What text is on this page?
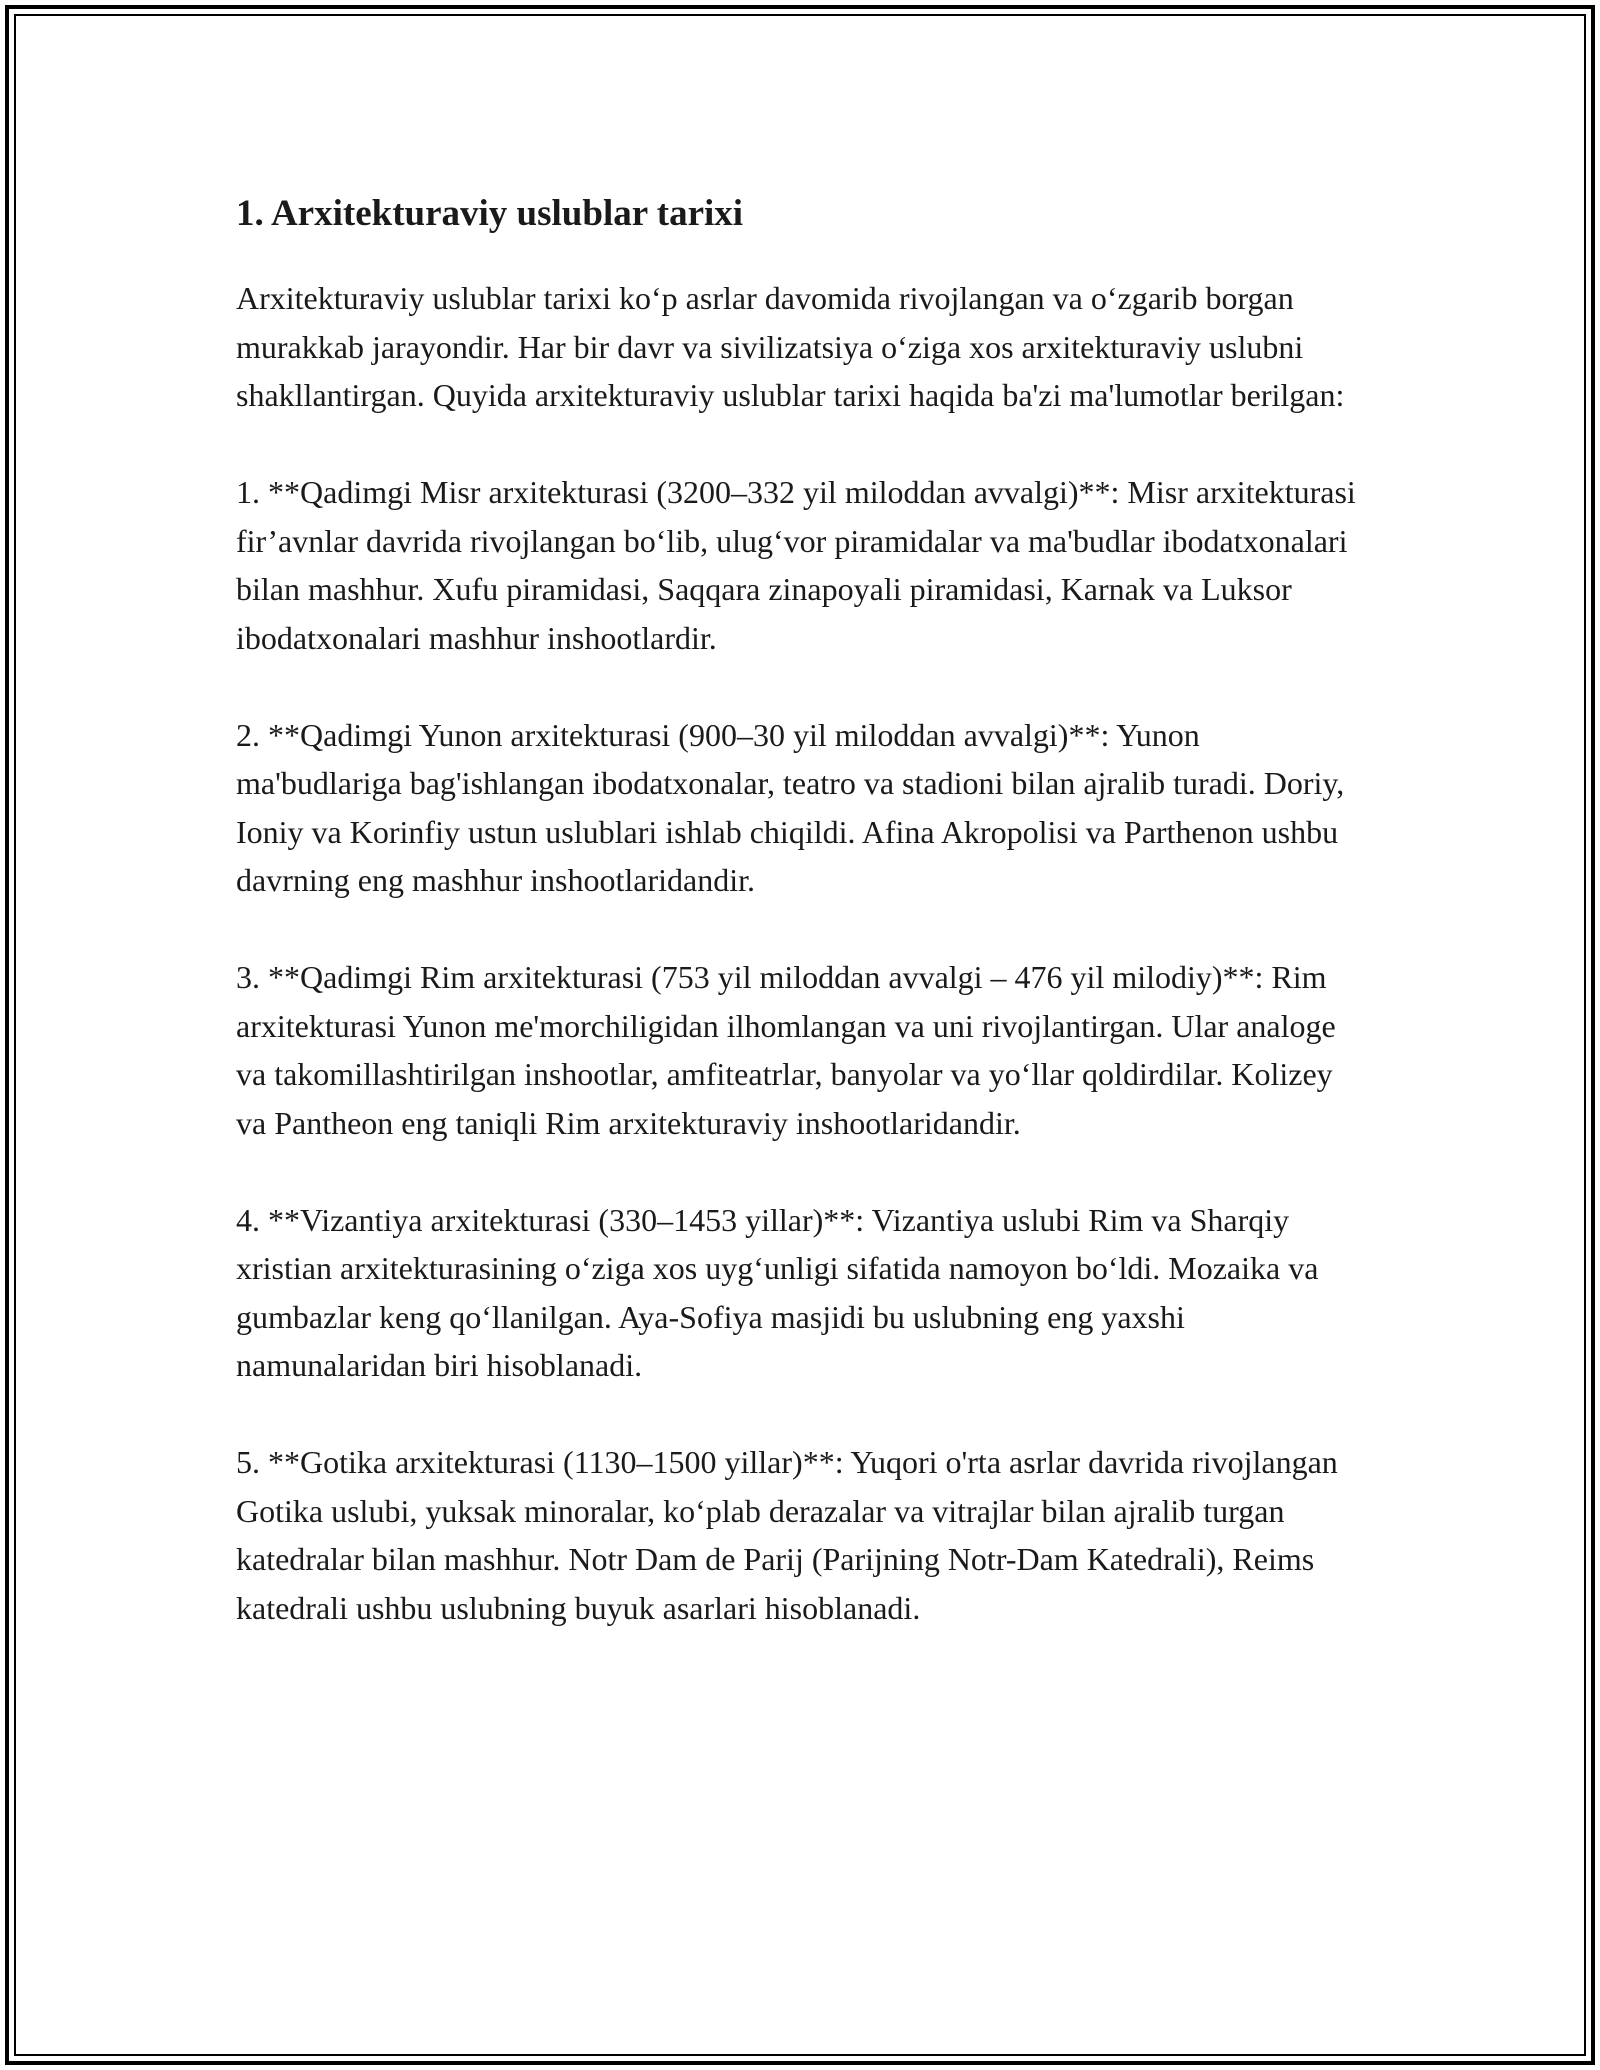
1. Arxitekturaviy uslublar tarixi

Arxitekturaviy uslublar tarixi ko‘p asrlar davomida rivojlangan va o‘zgarib borgan murakkab jarayondir. Har bir davr va sivilizatsiya o‘ziga xos arxitekturaviy uslubni shakllantirgan. Quyida arxitekturaviy uslublar tarixi haqida ba'zi ma'lumotlar berilgan:

1. **Qadimgi Misr arxitekturasi (3200–332 yil miloddan avvalgi)**: Misr arxitekturasi fir’avnlar davrida rivojlangan bo‘lib, ulug‘vor piramidalar va ma'budlar ibodatxonalari bilan mashhur. Xufu piramidasi, Saqqara zinapoyali piramidasi, Karnak va Luksor ibodatxonalari mashhur inshootlardir.

2. **Qadimgi Yunon arxitekturasi (900–30 yil miloddan avvalgi)**: Yunon ma'budlariga bag'ishlangan ibodatxonalar, teatro va stadioni bilan ajralib turadi. Doriy, Ioniy va Korinfiy ustun uslublari ishlab chiqildi. Afina Akropolisi va Parthenon ushbu davrning eng mashhur inshootlaridandir.

3. **Qadimgi Rim arxitekturasi (753 yil miloddan avvalgi – 476 yil milodiy)**: Rim arxitekturasi Yunon me'morchiligidan ilhomlangan va uni rivojlantirgan. Ular analoge va takomillashtirilgan inshootlar, amfiteatrlar, banyolar va yo‘llar qoldirdilar. Kolizey va Pantheon eng taniqli Rim arxitekturaviy inshootlaridandir.

4. **Vizantiya arxitekturasi (330–1453 yillar)**: Vizantiya uslubi Rim va Sharqiy xristian arxitekturasining o‘ziga xos uyg‘unligi sifatida namoyon bo‘ldi. Mozaika va gumbazlar keng qo‘llanilgan. Aya-Sofiya masjidi bu uslubning eng yaxshi namunalaridan biri hisoblanadi.

5. **Gotika arxitekturasi (1130–1500 yillar)**: Yuqori o'rta asrlar davrida rivojlangan Gotika uslubi, yuksak minoralar, ko‘plab derazalar va vitrajlar bilan ajralib turgan katedralar bilan mashhur. Notr Dam de Parij (Parijning Notr-Dam Katedrali), Reims katedrali ushbu uslubning buyuk asarlari hisoblanadi.
